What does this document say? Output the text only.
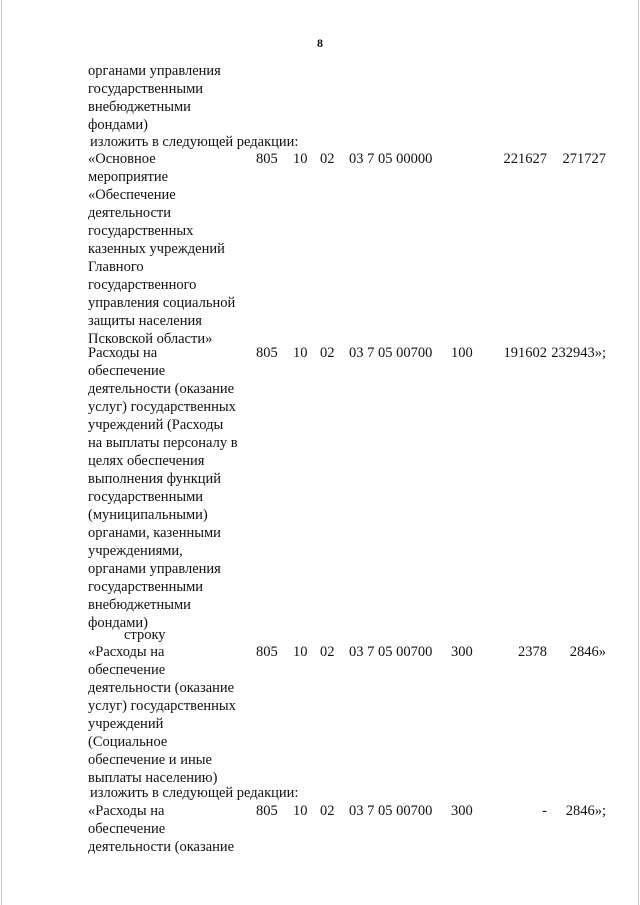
8
органами управления
государственными
внебюджетными
фондами)
изложить в следующей редакции:
«Основное
мероприятие
«Обеспечение
деятельности
государственных
казенных учреждений
Главного
государственного
управления социальной
защиты населения
Псковской области»
805 10 02 03 7 05 00000	221627 271727
Расходы на
обеспечение
деятельности (оказание
услуг) государственных
учреждений (Расходы
на выплаты персоналу в
целях обеспечения
выполнения функций
государственными
(муниципальными)
органами, казенными
учреждениями,
органами управления
государственными
внебюджетными
фондами)
805 10 02 03 7 05 00700 100 191602 232943»;
строку
«Расходы на
обеспечение
деятельности (оказание
услуг) государственных
учреждений
(Социальное
обеспечение и иные
выплаты населению)
805 10 02 03 7 05 00700 300	2378 2846»
изложить в следующей редакции:
«Расходы на
обеспечение
деятельности (оказание
805 10 02 03 7 05 00700 300	- 2846»;
